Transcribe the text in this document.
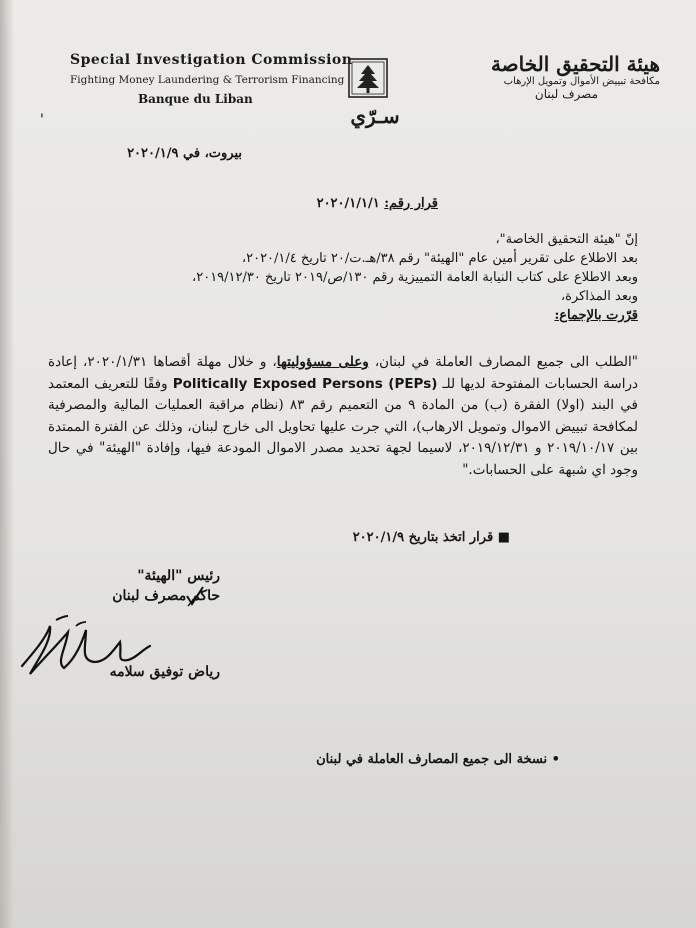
Special Investigation Commission
Fighting Money Laundering & Terrorism Financing
Banque du Liban
سـرّي
هيئة التحقيق الخاصة
مكافحة تبييض الأموال وتمويل الإرهاب
مصرف لبنان
'
بيروت، في ٢٠٢٠/١/٩
قرار رقم: ٢٠٢٠/١/١/١
إنّ "هيئة التحقيق الخاصة"،
بعد الاطلاع على تقرير أمين عام "الهيئة" رقم ٣٨/هـ.ت/٢٠ تاريخ ٢٠٢٠/١/٤،
وبعد الاطلاع على كتاب النيابة العامة التمييزية رقم ١٣٠/ص/٢٠١٩ تاريخ ٢٠١٩/١٢/٣٠،
وبعد المذاكرة،
قرّرت بالإجماع:
"الطلب الى جميع المصارف العاملة في لبنان، وعلى مسؤوليتها، و خلال مهلة أقصاها ٢٠٢٠/١/٣١، إعادة دراسة الحسابات المفتوحة لديها للـ Politically Exposed Persons (PEPs) وفقًا للتعريف المعتمد في البند (اولا) الفقرة (ب) من المادة ٩ من التعميم رقم ٨٣ (نظام مراقبة العمليات المالية والمصرفية لمكافحة تبييض الاموال وتمويل الارهاب)، التي جرت عليها تحاويل الى خارج لبنان، وذلك عن الفترة الممتدة بين ٢٠١٩/١٠/١٧ و ٢٠١٩/١٢/٣١، لاسيما لجهة تحديد مصدر الاموال المودعة فيها، وإفادة "الهيئة" في حال وجود اي شبهة على الحسابات."
■ قرار اتخذ بتاريخ ٢٠٢٠/١/٩
رئيس "الهيئة"
حاكم مصرف لبنان
رياض توفيق سلامه
• نسخة الى جميع المصارف العاملة في لبنان
